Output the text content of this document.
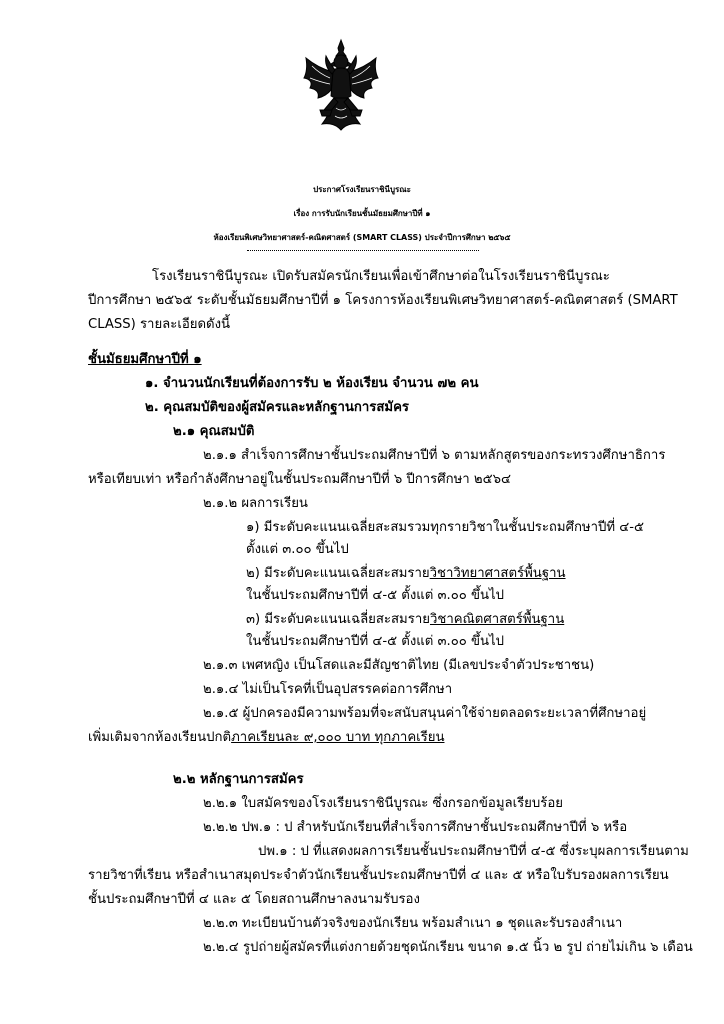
ประกาศโรงเรียนราชินีบูรณะ
เรื่อง การรับนักเรียนชั้นมัธยมศึกษาปีที่ ๑
ห้องเรียนพิเศษวิทยาศาสตร์-คณิตศาสตร์ (SMART CLASS) ประจำปีการศึกษา ๒๕๖๕
โรงเรียนราชินีบูรณะ เปิดรับสมัครนักเรียนเพื่อเข้าศึกษาต่อในโรงเรียนราชินีบูรณะ
ปีการศึกษา ๒๕๖๕ ระดับชั้นมัธยมศึกษาปีที่ ๑ โครงการห้องเรียนพิเศษวิทยาศาสตร์-คณิตศาสตร์ (SMART
CLASS) รายละเอียดดังนี้
ชั้นมัธยมศึกษาปีที่ ๑
๑. จำนวนนักเรียนที่ต้องการรับ ๒ ห้องเรียน จำนวน ๗๒ คน
๒. คุณสมบัติของผู้สมัครและหลักฐานการสมัคร
๒.๑ คุณสมบัติ
๒.๑.๑ สำเร็จการศึกษาชั้นประถมศึกษาปีที่ ๖ ตามหลักสูตรของกระทรวงศึกษาธิการ
หรือเทียบเท่า หรือกำลังศึกษาอยู่ในชั้นประถมศึกษาปีที่ ๖ ปีการศึกษา ๒๕๖๔
๒.๑.๒ ผลการเรียน
๑) มีระดับคะแนนเฉลี่ยสะสมรวมทุกรายวิชาในชั้นประถมศึกษาปีที่ ๔-๕
ตั้งแต่ ๓.๐๐ ขึ้นไป
๒) มีระดับคะแนนเฉลี่ยสะสมรายวิชาวิทยาศาสตร์พื้นฐาน
ในชั้นประถมศึกษาปีที่ ๔-๕ ตั้งแต่ ๓.๐๐ ขึ้นไป
๓) มีระดับคะแนนเฉลี่ยสะสมรายวิชาคณิตศาสตร์พื้นฐาน
ในชั้นประถมศึกษาปีที่ ๔-๕ ตั้งแต่ ๓.๐๐ ขึ้นไป
๒.๑.๓ เพศหญิง เป็นโสดและมีสัญชาติไทย (มีเลขประจำตัวประชาชน)
๒.๑.๔ ไม่เป็นโรคที่เป็นอุปสรรคต่อการศึกษา
๒.๑.๕ ผู้ปกครองมีความพร้อมที่จะสนับสนุนค่าใช้จ่ายตลอดระยะเวลาที่ศึกษาอยู่
เพิ่มเติมจากห้องเรียนปกติภาคเรียนละ ๙,๐๐๐ บาท ทุกภาคเรียน
๒.๒ หลักฐานการสมัคร
๒.๒.๑ ใบสมัครของโรงเรียนราชินีบูรณะ ซึ่งกรอกข้อมูลเรียบร้อย
๒.๒.๒ ปพ.๑ : ป สำหรับนักเรียนที่สำเร็จการศึกษาชั้นประถมศึกษาปีที่ ๖ หรือ
ปพ.๑ : ป ที่แสดงผลการเรียนชั้นประถมศึกษาปีที่ ๔-๕ ซึ่งระบุผลการเรียนตาม
รายวิชาที่เรียน หรือสำเนาสมุดประจำตัวนักเรียนชั้นประถมศึกษาปีที่ ๔ และ ๕ หรือใบรับรองผลการเรียน
ชั้นประถมศึกษาปีที่ ๔ และ ๕ โดยสถานศึกษาลงนามรับรอง
๒.๒.๓ ทะเบียนบ้านตัวจริงของนักเรียน พร้อมสำเนา ๑ ชุดและรับรองสำเนา
๒.๒.๔ รูปถ่ายผู้สมัครที่แต่งกายด้วยชุดนักเรียน ขนาด ๑.๕ นิ้ว ๒ รูป ถ่ายไม่เกิน ๖ เดือน
